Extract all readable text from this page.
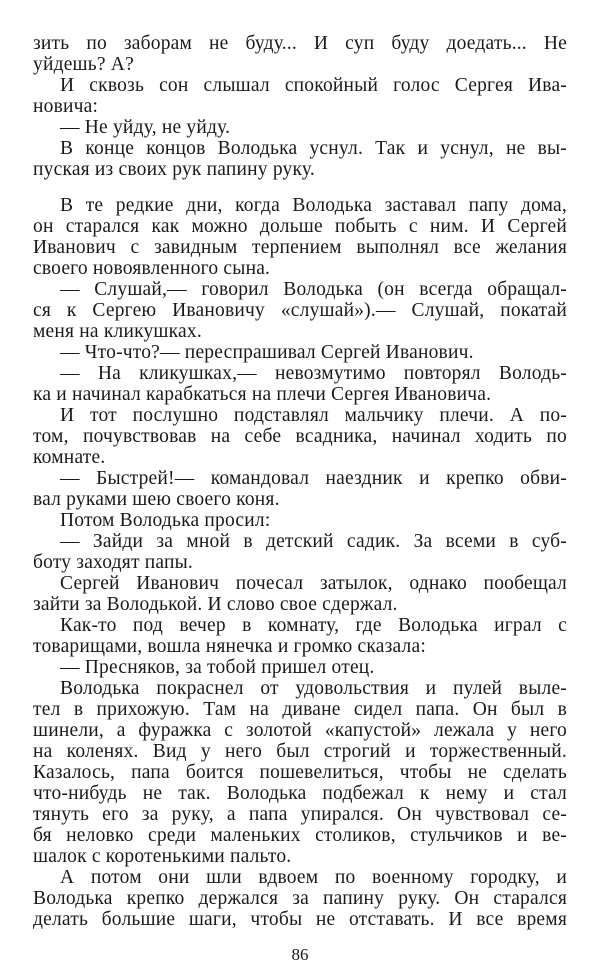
зить по заборам не буду... И суп буду доедать... Не
уйдешь? А?
И сквозь сон слышал спокойный голос Сергея Ива-
новича:
— Не уйду, не уйду.
В конце концов Володька уснул. Так и уснул, не вы-
пуская из своих рук папину руку.
В те редкие дни, когда Володька заставал папу дома,
он старался как можно дольше побыть с ним. И Сергей
Иванович с завидным терпением выполнял все желания
своего новоявленного сына.
— Слушай,— говорил Володька (он всегда обращал-
ся к Сергею Ивановичу «слушай»).— Слушай, покатай
меня на кликушках.
— Что-что?— переспрашивал Сергей Иванович.
— На кликушках,— невозмутимо повторял Володь-
ка и начинал карабкаться на плечи Сергея Ивановича.
И тот послушно подставлял мальчику плечи. А по-
том, почувствовав на себе всадника, начинал ходить по
комнате.
— Быстрей!— командовал наездник и крепко обви-
вал руками шею своего коня.
Потом Володька просил:
— Зайди за мной в детский садик. За всеми в суб-
боту заходят папы.
Сергей Иванович почесал затылок, однако пообещал
зайти за Володькой. И слово свое сдержал.
Как-то под вечер в комнату, где Володька играл с
товарищами, вошла нянечка и громко сказала:
— Пресняков, за тобой пришел отец.
Володька покраснел от удовольствия и пулей выле-
тел в прихожую. Там на диване сидел папа. Он был в
шинели, а фуражка с золотой «капустой» лежала у него
на коленях. Вид у него был строгий и торжественный.
Казалось, папа боится пошевелиться, чтобы не сделать
что-нибудь не так. Володька подбежал к нему и стал
тянуть его за руку, а папа упирался. Он чувствовал се-
бя неловко среди маленьких столиков, стульчиков и ве-
шалок с коротенькими пальто.
А потом они шли вдвоем по военному городку, и
Володька крепко держался за папину руку. Он старался
делать большие шаги, чтобы не отставать. И все время
86
